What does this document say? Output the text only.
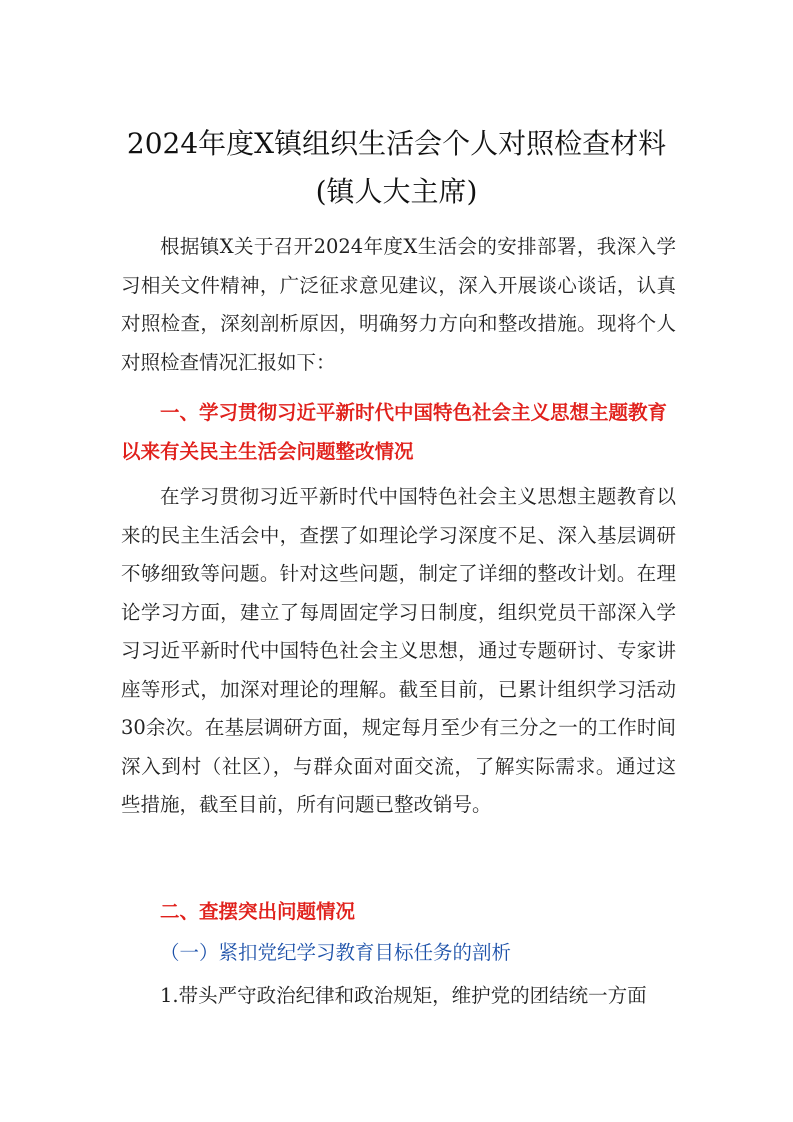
2024年度X镇组织生活会个人对照检查材料
(镇人大主席)

根据镇X关于召开2024年度X生活会的安排部署，我深入学习相关文件精神，广泛征求意见建议，深入开展谈心谈话，认真对照检查，深刻剖析原因，明确努力方向和整改措施。现将个人对照检查情况汇报如下：

一、学习贯彻习近平新时代中国特色社会主义思想主题教育以来有关民主生活会问题整改情况

在学习贯彻习近平新时代中国特色社会主义思想主题教育以来的民主生活会中，查摆了如理论学习深度不足、深入基层调研不够细致等问题。针对这些问题，制定了详细的整改计划。在理论学习方面，建立了每周固定学习日制度，组织党员干部深入学习习近平新时代中国特色社会主义思想，通过专题研讨、专家讲座等形式，加深对理论的理解。截至目前，已累计组织学习活动30余次。在基层调研方面，规定每月至少有三分之一的工作时间深入到村（社区），与群众面对面交流，了解实际需求。通过这些措施，截至目前，所有问题已整改销号。

二、查摆突出问题情况

（一）紧扣党纪学习教育目标任务的剖析
1.带头严守政治纪律和政治规矩，维护党的团结统一方面
